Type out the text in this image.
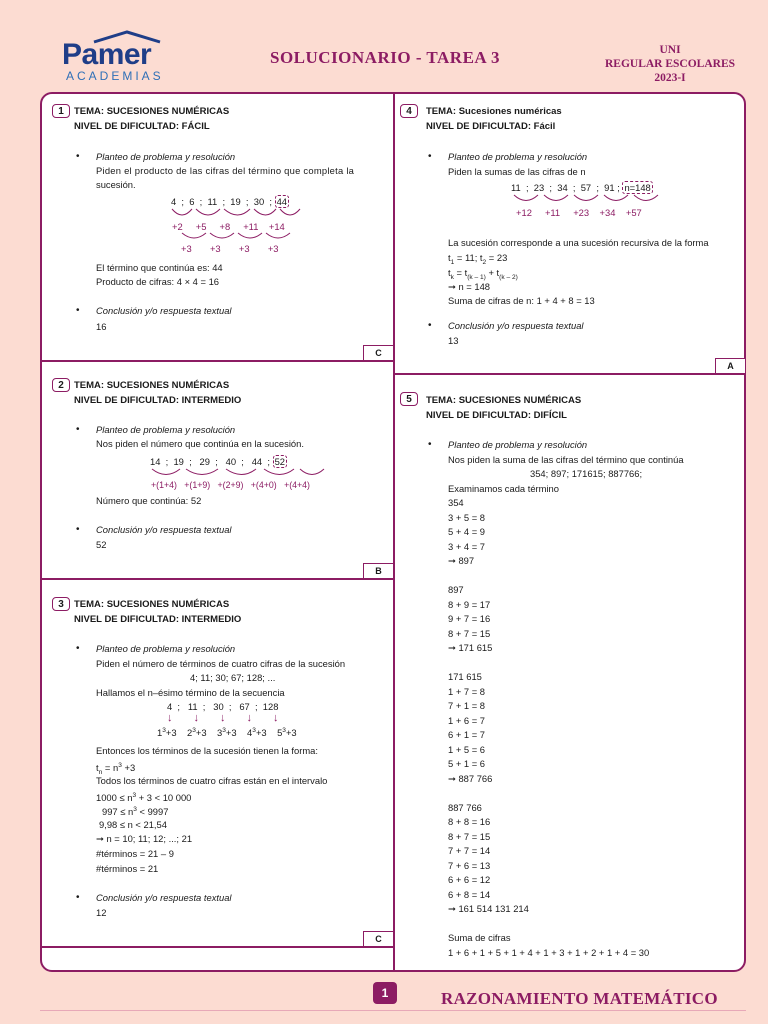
Pamer
ACADEMIAS
SOLUCIONARIO - TAREA 3	UNI
REGULAR ESCOLARES
2023-I
1	TEMA: SUCESIONES NUMÉRICAS
NIVEL DE DIFICULTAD: FÁCIL
• Planteo de problema y resolución
Piden el producto de las cifras del término que completa la
sucesión.
4  ;  6  ;  11  ;  19  ;  30  ; 44
+2 +5 +8 +11 +14
+3 +3 +3 +3
El término que continúa es: 44
Producto de cifras: 4 × 4 = 16
• Conclusión y/o respuesta textual
16
C
2	TEMA: SUCESIONES NUMÉRICAS
NIVEL DE DIFICULTAD: INTERMEDIO
• Planteo de problema y resolución
Nos piden el número que continúa en la sucesión.
14  ;  19  ;   29  ;   40  ;   44  ; 52
+(1+4) +(1+9) +(2+9) +(4+0) +(4+4)
Número que continúa: 52
• Conclusión y/o respuesta textual
52
B
3	TEMA: SUCESIONES NUMÉRICAS
NIVEL DE DIFICULTAD: INTERMEDIO
• Planteo de problema y resolución
Piden el número de términos de cuatro cifras de la sucesión
4; 11; 30; 67; 128; ...
Hallamos el n–ésimo término de la secuencia
4  ;   11  ;   30  ;   67  ;  128
↓↓↓↓↓
$1^3+3$ $2^3+3$ $3^3+3$ $4^3+3$ $5^3+3$
Entonces los términos de la sucesión tienen la forma:
$t_n = n^3 +3$
Todos los términos de cuatro cifras están en el intervalo
$1000 \le n^3 + 3 < 10$ 000
$997 \le n^3 < 9997$
9,98 ≤ n < 21,54
➞ n = 10; 11; 12; ...; 21
#términos = 21 – 9
#términos = 21
• Conclusión y/o respuesta textual
12
C
4	TEMA: Sucesiones numéricas
NIVEL DE DIFICULTAD: Fácil
• Planteo de problema y resolución
Piden la sumas de las cifras de n
11  ;  23  ;  34  ;  57  ;  91 ; n=148
+12 +11 +23 +34 +57
La sucesión corresponde a una sucesión recursiva de la forma
$t_1 = 11$; $t_2 = 23$
$t_k = t_{(k - 1)} + t_{(k - 2)}$
➞ n = 148
Suma de cifras de n: 1 + 4 + 8 = 13
• Conclusión y/o respuesta textual
13
A
5	TEMA: SUCESIONES NUMÉRICAS
NIVEL DE DIFICULTAD: DIFÍCIL
• Planteo de problema y resolución
Nos piden la suma de las cifras del término que continúa
354; 897; 171615; 887766;
Examinamos cada término
354
3 + 5 = 8
5 + 4 = 9
3 + 4 = 7
➞ 897
897
8 + 9 = 17
9 + 7 = 16
8 + 7 = 15
➞ 171 615
171 615
1 + 7 = 8
7 + 1 = 8
1 + 6 = 7
6 + 1 = 7
1 + 5 = 6
5 + 1 = 6
➞ 887 766
887 766
8 + 8 = 16
8 + 7 = 15
7 + 7 = 14
7 + 6 = 13
6 + 6 = 12
6 + 8 = 14
➞ 161 514 131 214
Suma de cifras
1 + 6 + 1 + 5 + 1 + 4 + 1 + 3 + 1 + 2 + 1 + 4 = 30
1	RAZONAMIENTO MATEMÁTICO
